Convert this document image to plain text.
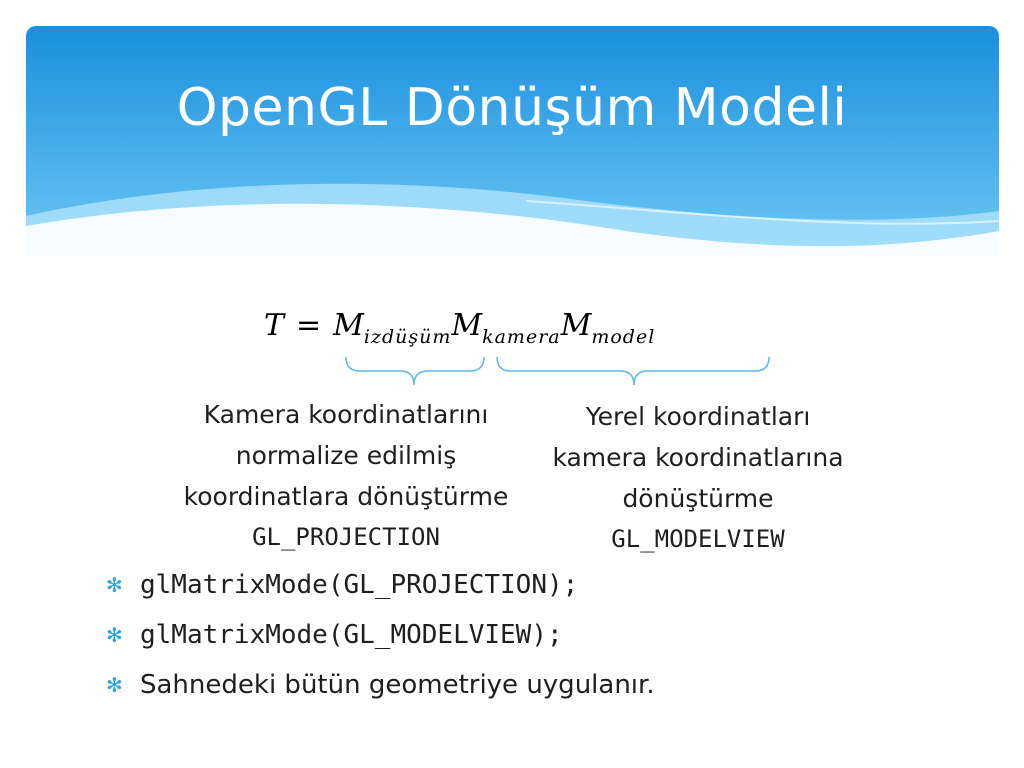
OpenGL Dönüşüm Modeli
$T = M_{izdüşüm}M_{kamera}M_{model}$
Kamera koordinatlarını
normalize edilmiş
koordinatlara dönüştürme
GL_PROJECTION
Yerel koordinatları
kamera koordinatlarına
dönüştürme
GL_MODELVIEW
✻ glMatrixMode(GL_PROJECTION);
✻ glMatrixMode(GL_MODELVIEW);
✻ Sahnedeki bütün geometriye uygulanır.
